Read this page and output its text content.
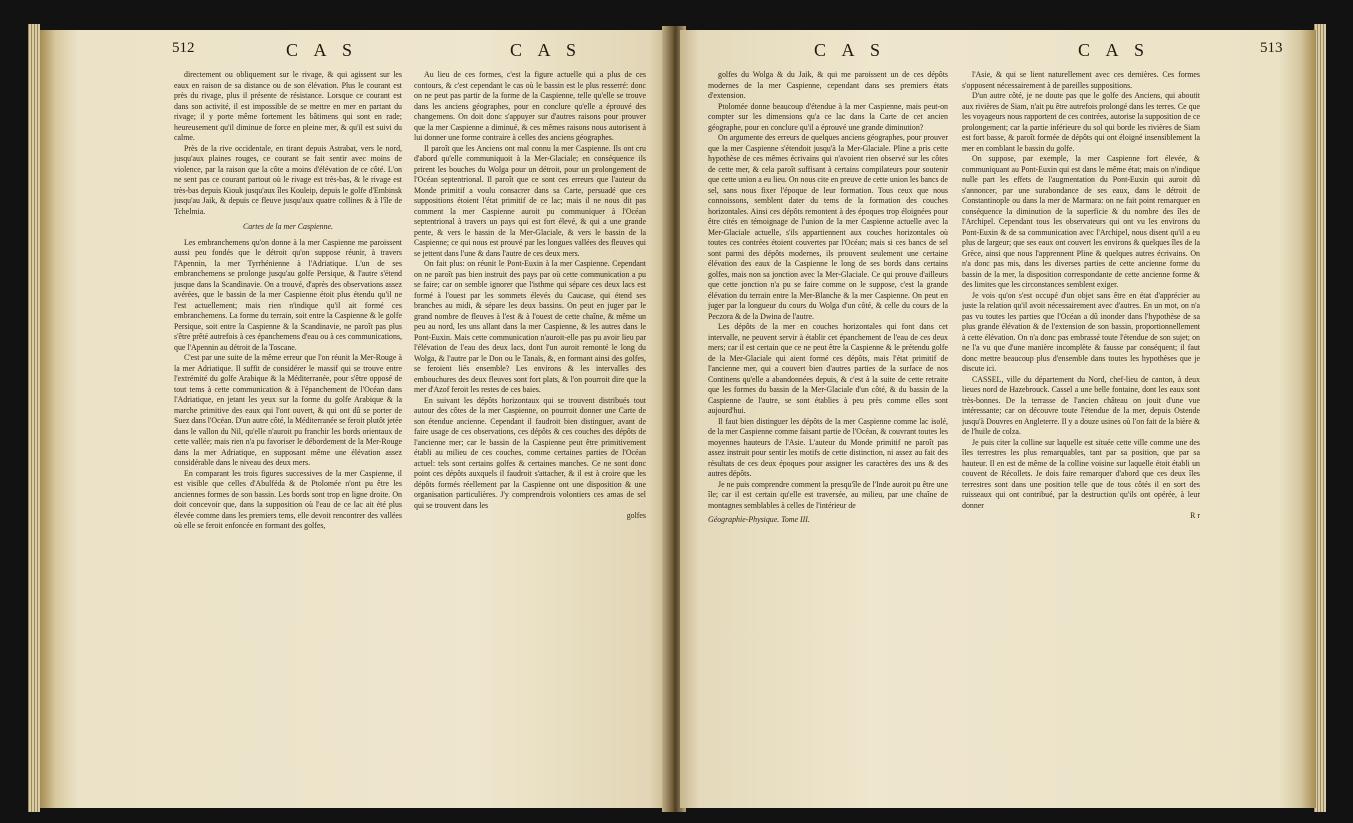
512	C A S	C A S

directement ou obliquement sur le rivage, & qui agissent sur les eaux en raison de sa distance ou de son élévation. Plus le courant est près du rivage, plus il présente de résistance. Lorsque ce courant est dans son activité, il est impossible de se mettre en mer en partant du rivage; il y porte même fortement les bâtimens qui sont en rade; heureusement qu'il diminue de force en pleine mer, & qu'il est suivi du calme.

Près de la rive occidentale, en tirant depuis Astrabat, vers le nord, jusqu'aux plaines rouges, ce courant se fait sentir avec moins de violence, par la raison que la côte a moins d'élévation de ce côté. L'on ne sent pas ce courant partout où le rivage est très-bas, & le rivage est très-bas depuis Kiouk jusqu'aux îles Kouleip, depuis le golfe d'Embinsk jusqu'au Jaik, & depuis ce fleuve jusqu'aux quatre collines & à l'île de Tchelmia.

Cartes de la mer Caspienne.

Les embranchemens qu'on donne à la mer Caspienne me paroissent aussi peu fondés que le détroit qu'on suppose réunir, à travers l'Apennin, la mer Tyrrhénienne à l'Adriatique. L'un de ses embranchemens se prolonge jusqu'au golfe Persique, & l'autre s'étend jusque dans la Scandinavie. On a trouvé, d'après des observations assez avérées, que le bassin de la mer Caspienne étoit plus étendu qu'il ne l'est actuellement; mais rien n'indique qu'il ait formé ces embranchemens. La forme du terrain, soit entre la Caspienne & le golfe Persique, soit entre la Caspienne & la Scandinavie, ne paroît pas plus s'être prêté autrefois à ces épanchemens d'eau ou à ces communications, que l'Apennin au détroit de la Toscane.

C'est par une suite de la même erreur que l'on réunit la Mer-Rouge à la mer Adriatique. Il suffit de considérer le massif qui se trouve entre l'extrémité du golfe Arabique & la Méditerranée, pour s'être opposé de tout tems à cette communication & à l'épanchement de l'Océan dans l'Adriatique, en jetant les yeux sur la forme du golfe Arabique & la marche primitive des eaux qui l'ont ouvert, & qui ont dû se porter de Suez dans l'Océan. D'un autre côté, la Méditerranée se feroit plutôt jetée dans le vallon du Nil, qu'elle n'auroit pu franchir les bords orientaux de cette vallée; mais rien n'a pu favoriser le débordement de la Mer-Rouge dans la mer Adriatique, en supposant même une élévation assez considérable dans le niveau des deux mers.

En comparant les trois figures successives de la mer Caspienne, il est visible que celles d'Abulféda & de Ptolomée n'ont pu être les anciennes formes de son bassin. Les bords sont trop en ligne droite. On doit concevoir que, dans la supposition où l'eau de ce lac ait été plus élevée comme dans les premiers tems, elle devoit rencontrer des vallées où elle se feroit enfoncée en formant des golfes,

Au lieu de ces formes, c'est la figure actuelle qui a plus de ces contours, & c'est cependant le cas où le bassin est le plus resserré: donc on ne peut pas partir de la forme de la Caspienne, telle qu'elle se trouve dans les anciens géographes, pour en conclure qu'elle a éprouvé des changemens. On doit donc s'appuyer sur d'autres raisons pour prouver que la mer Caspienne a diminué, & ces mêmes raisons nous autorisent à lui donner une forme contraire à celles des anciens géographes.

Il paroît que les Anciens ont mal connu la mer Caspienne. Ils ont cru d'abord qu'elle communiquoit à la Mer-Glaciale; en conséquence ils prirent les bouches du Wolga pour un détroit, pour un prolongement de l'Océan septentrional. Il paroît que ce sont ces erreurs que l'auteur du Monde primitif a voulu consacrer dans sa Carte, persuadé que ces suppositions étoient l'état primitif de ce lac; mais il ne nous dit pas comment la mer Caspienne auroit pu communiquer à l'Océan septentrional à travers un pays qui est fort élevé, & qui a une grande pente, & vers le bassin de la Mer-Glaciale, & vers le bassin de la Caspienne; ce qui nous est prouvé par les longues vallées des fleuves qui se jettent dans l'une & dans l'autre de ces deux mers.

On fait plus: on réunit le Pont-Euxin à la mer Caspienne. Cependant on ne paroît pas bien instruit des pays par où cette communication a pu se faire; car on semble ignorer que l'isthme qui sépare ces deux lacs est formé à l'ouest par les sommets élevés du Caucase, qui étend ses branches au midi, & sépare les deux bassins. On peut en juger par le grand nombre de fleuves à l'est & à l'ouest de cette chaîne, & même un peu au nord, les uns allant dans la mer Caspienne, & les autres dans le Pont-Euxin. Mais cette communication n'auroit-elle pas pu avoir lieu par l'élévation de l'eau des deux lacs, dont l'un auroit remonté le long du Wolga, & l'autre par le Don ou le Tanaïs, &, en formant ainsi des golfes, se feroient liés ensemble? Les environs & les intervalles des embouchures des deux fleuves sont fort plats, & l'on pourroit dire que la mer d'Azof feroit les restes de ces baies.

En suivant les dépôts horizontaux qui se trouvent distribués tout autour des côtes de la mer Caspienne, on pourroit donner une Carte de son étendue ancienne. Cependant il faudroit bien distinguer, avant de faire usage de ces observations, ces dépôts & ces couches des dépôts de l'ancienne mer; car le bassin de la Caspienne peut être primitivement établi au milieu de ces couches, comme certaines parties de l'Océan actuel: tels sont certains golfes & certaines manches. Ce ne sont donc point ces dépôts auxquels il faudroit s'attacher, & il est à croire que les dépôts formés réellement par la Caspienne ont une disposition & une organisation particulières. J'y comprendrois volontiers ces amas de sel qui se trouvent dans les

golfes

C A S	C A S	513

golfes du Wolga & du Jaik, & qui me paroissent un de ces dépôts modernes de la mer Caspienne, cependant dans ses premiers états d'extension.

Ptolomée donne beaucoup d'étendue à la mer Caspienne, mais peut-on compter sur les dimensions qu'a ce lac dans la Carte de cet ancien géographe, pour en conclure qu'il a éprouvé une grande diminution?

On argumente des erreurs de quelques anciens géographes, pour prouver que la mer Caspienne s'étendoit jusqu'à la Mer-Glaciale. Pline a pris cette hypothèse de ces mêmes écrivains qui n'avoient rien observé sur les côtes de cette mer, & cela paroît suffisant à certains compilateurs pour soutenir que cette union a eu lieu. On nous cite en preuve de cette union les bancs de sel, sans nous fixer l'époque de leur formation. Tous ceux que nous connoissons, semblent dater du tems de la formation des couches horizontales. Ainsi ces dépôts remontent à des époques trop éloignées pour être cités en témoignage de l'union de la mer Caspienne actuelle avec la Mer-Glaciale actuelle, s'ils appartiennent aux couches horizontales où toutes ces contrées étoient couvertes par l'Océan; mais si ces bancs de sel sont parmi des dépôts modernes, ils prouvent seulement une certaine élévation des eaux de la Caspienne le long de ses bords dans certains golfes, mais non sa jonction avec la Mer-Glaciale. Ce qui prouve d'ailleurs que cette jonction n'a pu se faire comme on le suppose, c'est la grande élévation du terrain entre la Mer-Blanche & la mer Caspienne. On peut en juger par la longueur du cours du Wolga d'un côté, & celle du cours de la Peczora & de la Dwina de l'autre.

Les dépôts de la mer en couches horizontales qui font dans cet intervalle, ne peuvent servir à établir cet épanchement de l'eau de ces deux mers; car il est certain que ce ne peut être la Caspienne & le prétendu golfe de la Mer-Glaciale qui aient formé ces dépôts, mais l'état primitif de l'ancienne mer, qui a couvert bien d'autres parties de la surface de nos Continens qu'elle a abandonnées depuis, & c'est à la suite de cette retraite que les formes du bassin de la Mer-Glaciale d'un côté, & du bassin de la Caspienne de l'autre, se sont établies à peu près comme elles sont aujourd'hui.

Il faut bien distinguer les dépôts de la mer Caspienne comme lac isolé, de la mer Caspienne comme faisant partie de l'Océan, & couvrant toutes les moyennes hauteurs de l'Asie. L'auteur du Monde primitif ne paroît pas assez instruit pour sentir les motifs de cette distinction, ni assez au fait des résultats de ces deux époques pour assigner les caractères des uns & des autres dépôts.

Je ne puis comprendre comment la presqu'île de l'Inde auroit pu être une île; car il est certain qu'elle est traversée, au milieu, par une chaîne de montagnes semblables à celles de l'intérieur de

Géographie-Physique. Tome III.

l'Asie, & qui se lient naturellement avec ces dernières. Ces formes s'opposent nécessairement à de pareilles suppositions.

D'un autre côté, je ne doute pas que le golfe des Anciens, qui aboutit aux rivières de Siam, n'ait pu être autrefois prolongé dans les terres. Ce que les voyageurs nous rapportent de ces contrées, autorise la supposition de ce prolongement; car la partie inférieure du sol qui borde les rivières de Siam est fort basse, & paroît formée de dépôts qui ont éloigné insensiblement la mer en comblant le bassin du golfe.

On suppose, par exemple, la mer Caspienne fort élevée, & communiquant au Pont-Euxin qui est dans le même état; mais on n'indique nulle part les effets de l'augmentation du Pont-Euxin qui auroit dû s'annoncer, par une surabondance de ses eaux, dans le détroit de Constantinople ou dans la mer de Marmara: on ne fait point remarquer en conséquence la diminution de la superficie & du nombre des îles de l'Archipel. Cependant tous les observateurs qui ont vu les environs du Pont-Euxin & de sa communication avec l'Archipel, nous disent qu'il a eu plus de largeur; que ses eaux ont couvert les environs & quelques îles de la Grèce, ainsi que nous l'apprennent Pline & quelques autres écrivains. On n'a donc pas mis, dans les diverses parties de cette ancienne forme du bassin de la mer, la disposition correspondante de cette ancienne forme & des limites que les circonstances semblent exiger.

Je vois qu'on s'est occupé d'un objet sans être en état d'apprécier au juste la relation qu'il avoit nécessairement avec d'autres. En un mot, on n'a pas vu toutes les parties que l'Océan a dû inonder dans l'hypothèse de sa plus grande élévation & de l'extension de son bassin, proportionnellement à cette élévation. On n'a donc pas embrassé toute l'étendue de son sujet; on ne l'a vu que d'une manière incomplète & fausse par conséquent; il faut donc mettre beaucoup plus d'ensemble dans toutes les hypothèses que je discute ici.

CASSEL, ville du département du Nord, chef-lieu de canton, à deux lieues nord de Hazebrouck. Cassel a une belle fontaine, dont les eaux sont très-bonnes. De la terrasse de l'ancien château on jouit d'une vue intéressante; car on découvre toute l'étendue de la mer, depuis Ostende jusqu'à Douvres en Angleterre. Il y a douze usines où l'on fait de la bière & de l'huile de colza.

Je puis citer la colline sur laquelle est située cette ville comme une des îles terrestres les plus remarquables, tant par sa position, que par sa hauteur. Il en est de même de la colline voisine sur laquelle étoit établi un couvent de Récollets. Je dois faire remarquer d'abord que ces deux îles terrestres sont dans une position telle que de tous côtés il en sort des ruisseaux qui ont contribué, par la destruction qu'ils ont opérée, à leur donner

R r
